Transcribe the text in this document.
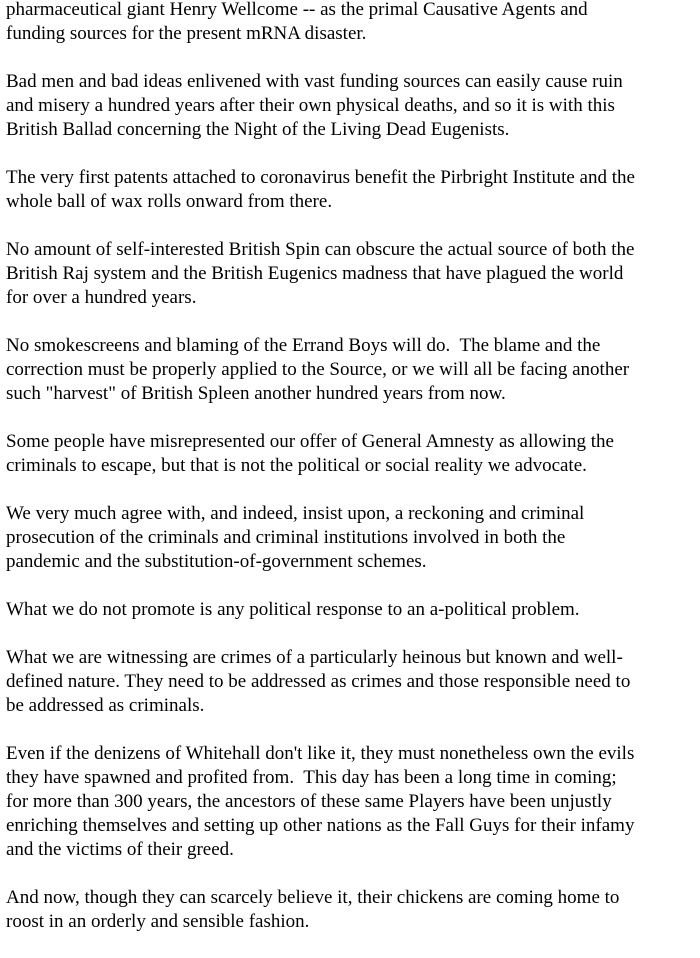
pharmaceutical giant Henry Wellcome -- as the primal Causative Agents and
funding sources for the present mRNA disaster.

Bad men and bad ideas enlivened with vast funding sources can easily cause ruin
and misery a hundred years after their own physical deaths, and so it is with this
British Ballad concerning the Night of the Living Dead Eugenists.

The very first patents attached to coronavirus benefit the Pirbright Institute and the
whole ball of wax rolls onward from there.

No amount of self-interested British Spin can obscure the actual source of both the
British Raj system and the British Eugenics madness that have plagued the world
for over a hundred years.

No smokescreens and blaming of the Errand Boys will do.  The blame and the
correction must be properly applied to the Source, or we will all be facing another
such "harvest" of British Spleen another hundred years from now.

Some people have misrepresented our offer of General Amnesty as allowing the
criminals to escape, but that is not the political or social reality we advocate.

We very much agree with, and indeed, insist upon, a reckoning and criminal
prosecution of the criminals and criminal institutions involved in both the
pandemic and the substitution-of-government schemes.

What we do not promote is any political response to an a-political problem.

What we are witnessing are crimes of a particularly heinous but known and well-
defined nature. They need to be addressed as crimes and those responsible need to
be addressed as criminals.

Even if the denizens of Whitehall don't like it, they must nonetheless own the evils
they have spawned and profited from.  This day has been a long time in coming;
for more than 300 years, the ancestors of these same Players have been unjustly
enriching themselves and setting up other nations as the Fall Guys for their infamy
and the victims of their greed.

And now, though they can scarcely believe it, their chickens are coming home to
roost in an orderly and sensible fashion.
